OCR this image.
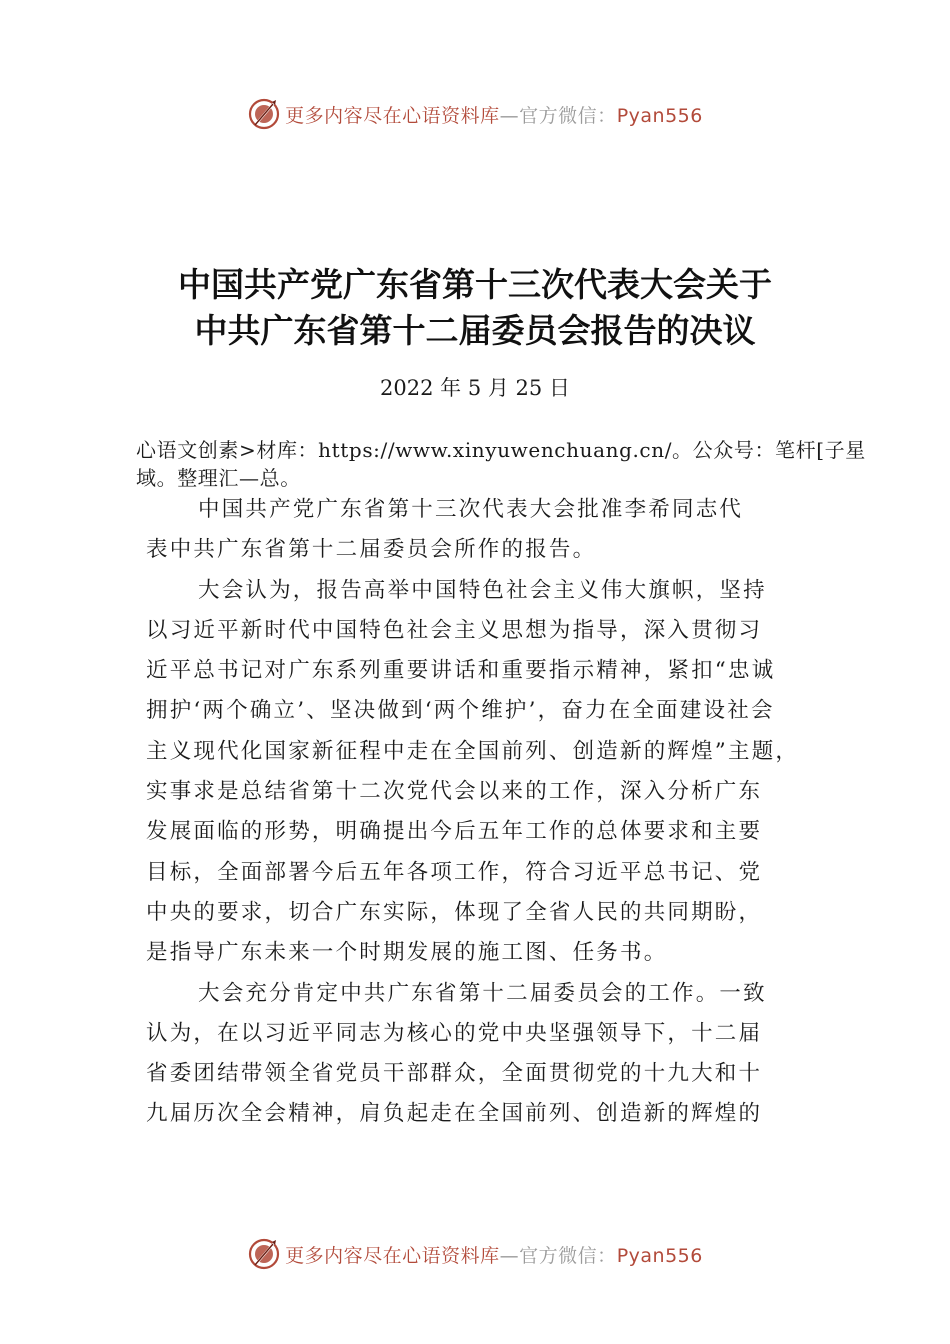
更多内容尽在心语资料库—官方微信：Pyan556
中国共产党广东省第十三次代表大会关于
中共广东省第十二届委员会报告的决议
2022 年 5 月 25 日
心语文创素>材库：https://www.xinyuwenchuang.cn/。公众号：笔杆[子星域。整理汇—总。
中国共产党广东省第十三次代表大会批准李希同志代
表中共广东省第十二届委员会所作的报告。
大会认为，报告高举中国特色社会主义伟大旗帜，坚持
以习近平新时代中国特色社会主义思想为指导，深入贯彻习
近平总书记对广东系列重要讲话和重要指示精神，紧扣“忠诚
拥护‘两个确立’、坚决做到‘两个维护’，奋力在全面建设社会
主义现代化国家新征程中走在全国前列、创造新的辉煌”主题，
实事求是总结省第十二次党代会以来的工作，深入分析广东
发展面临的形势，明确提出今后五年工作的总体要求和主要
目标，全面部署今后五年各项工作，符合习近平总书记、党
中央的要求，切合广东实际，体现了全省人民的共同期盼，
是指导广东未来一个时期发展的施工图、任务书。
大会充分肯定中共广东省第十二届委员会的工作。一致
认为，在以习近平同志为核心的党中央坚强领导下，十二届
省委团结带领全省党员干部群众，全面贯彻党的十九大和十
九届历次全会精神，肩负起走在全国前列、创造新的辉煌的
更多内容尽在心语资料库—官方微信：Pyan556
